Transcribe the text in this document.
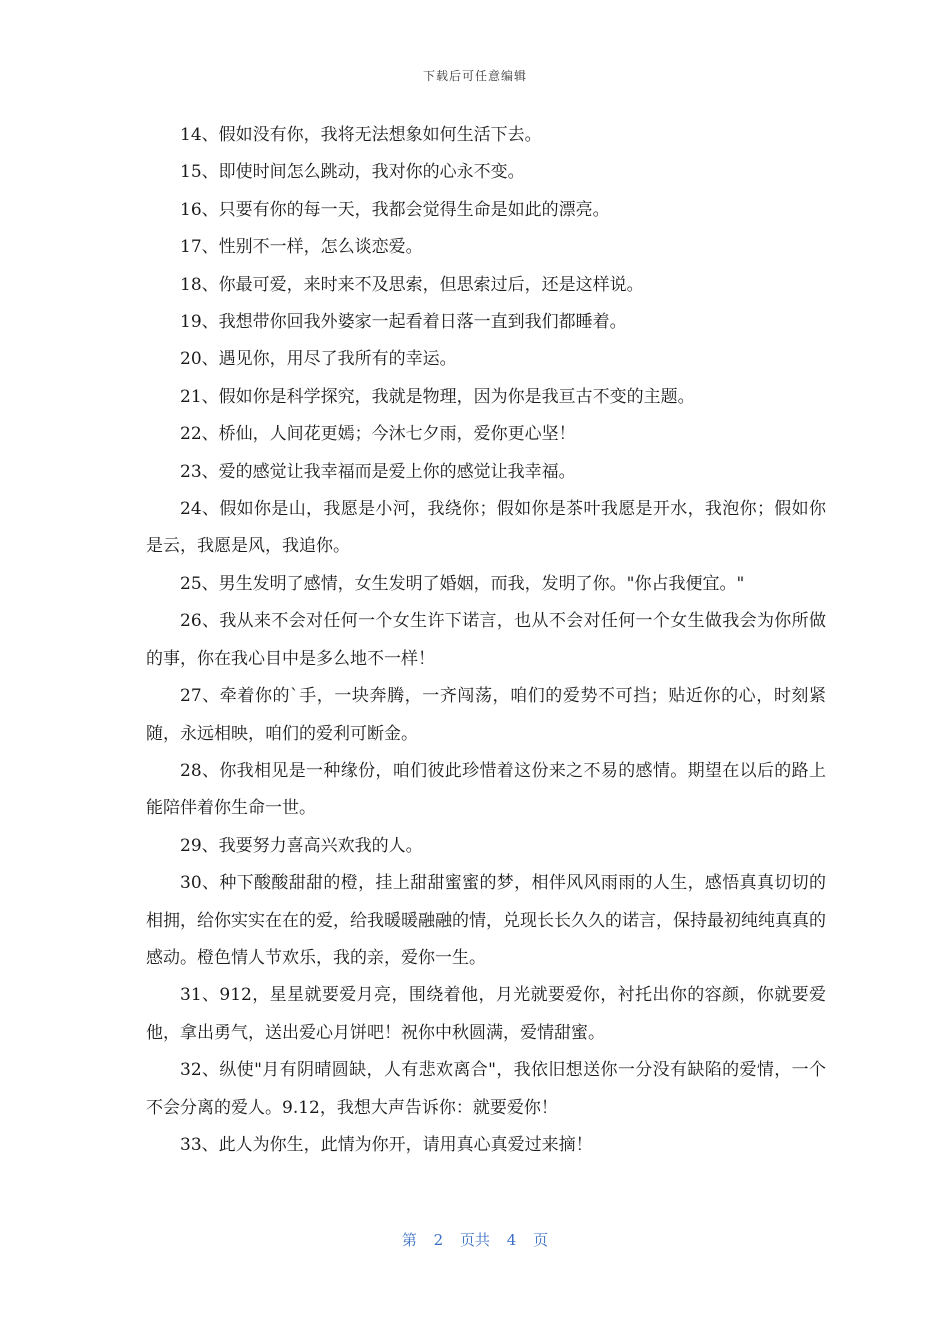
下载后可任意编辑

14、假如没有你，我将无法想象如何生活下去。

15、即使时间怎么跳动，我对你的心永不变。

16、只要有你的每一天，我都会觉得生命是如此的漂亮。

17、性别不一样，怎么谈恋爱。

18、你最可爱，来时来不及思索，但思索过后，还是这样说。

19、我想带你回我外婆家一起看着日落一直到我们都睡着。

20、遇见你，用尽了我所有的幸运。

21、假如你是科学探究，我就是物理，因为你是我亘古不变的主题。

22、桥仙，人间花更嫣；今沐七夕雨，爱你更心坚！

23、爱的感觉让我幸福而是爱上你的感觉让我幸福。

24、假如你是山，我愿是小河，我绕你；假如你是茶叶我愿是开水，我泡你；假如你是云，我愿是风，我追你。

25、男生发明了感情，女生发明了婚姻，而我，发明了你。"你占我便宜。"

26、我从来不会对任何一个女生许下诺言，也从不会对任何一个女生做我会为你所做的事，你在我心目中是多么地不一样！

27、牵着你的`手，一块奔腾，一齐闯荡，咱们的爱势不可挡；贴近你的心，时刻紧随，永远相映，咱们的爱利可断金。

28、你我相见是一种缘份，咱们彼此珍惜着这份来之不易的感情。期望在以后的路上能陪伴着你生命一世。

29、我要努力喜高兴欢我的人。

30、种下酸酸甜甜的橙，挂上甜甜蜜蜜的梦，相伴风风雨雨的人生，感悟真真切切的相拥，给你实实在在的爱，给我暖暖融融的情，兑现长长久久的诺言，保持最初纯纯真真的感动。橙色情人节欢乐，我的亲，爱你一生。

31、912，星星就要爱月亮，围绕着他，月光就要爱你，衬托出你的容颜，你就要爱他，拿出勇气，送出爱心月饼吧！祝你中秋圆满，爱情甜蜜。

32、纵使"月有阴晴圆缺，人有悲欢离合"，我依旧想送你一分没有缺陷的爱情，一个不会分离的爱人。9.12，我想大声告诉你：就要爱你！

33、此人为你生，此情为你开，请用真心真爱过来摘！

第 2 页共 4 页
